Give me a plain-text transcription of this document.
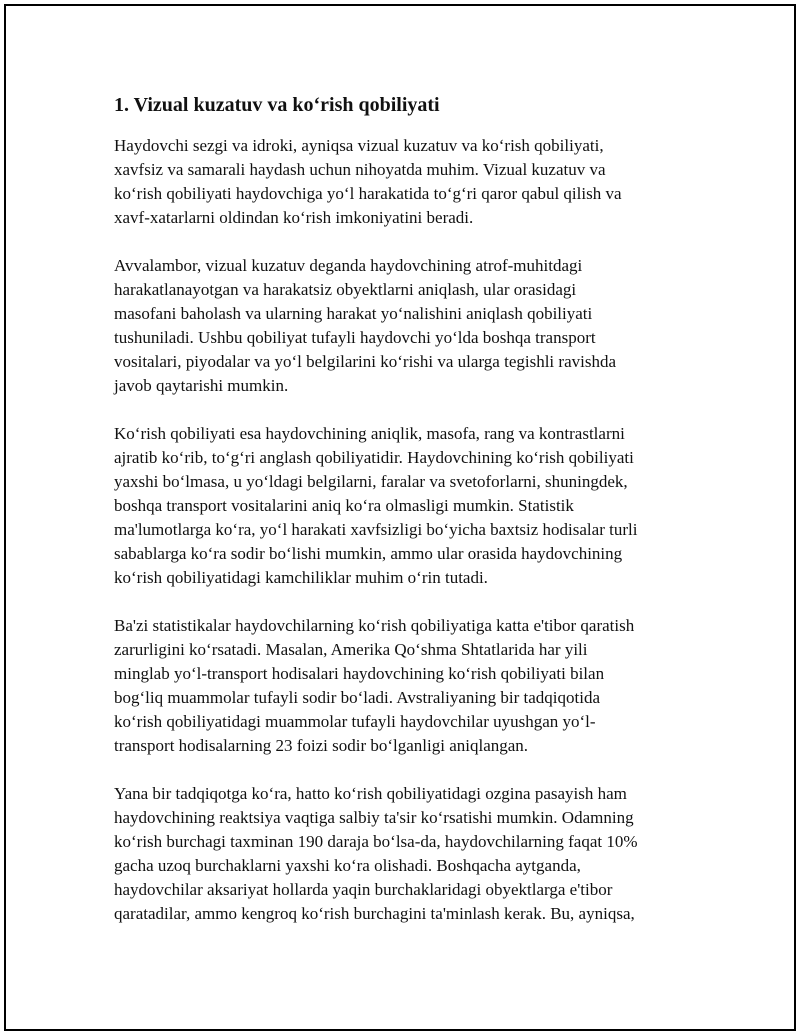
1. Vizual kuzatuv va ko‘rish qobiliyati

Haydovchi sezgi va idroki, ayniqsa vizual kuzatuv va ko‘rish qobiliyati,
xavfsiz va samarali haydash uchun nihoyatda muhim. Vizual kuzatuv va
ko‘rish qobiliyati haydovchiga yo‘l harakatida to‘g‘ri qaror qabul qilish va
xavf-xatarlarni oldindan ko‘rish imkoniyatini beradi.

Avvalambor, vizual kuzatuv deganda haydovchining atrof-muhitdagi
harakatlanayotgan va harakatsiz obyektlarni aniqlash, ular orasidagi
masofani baholash va ularning harakat yo‘nalishini aniqlash qobiliyati
tushuniladi. Ushbu qobiliyat tufayli haydovchi yo‘lda boshqa transport
vositalari, piyodalar va yo‘l belgilarini ko‘rishi va ularga tegishli ravishda
javob qaytarishi mumkin.

Ko‘rish qobiliyati esa haydovchining aniqlik, masofa, rang va kontrastlarni
ajratib ko‘rib, to‘g‘ri anglash qobiliyatidir. Haydovchining ko‘rish qobiliyati
yaxshi bo‘lmasa, u yo‘ldagi belgilarni, faralar va svetoforlarni, shuningdek,
boshqa transport vositalarini aniq ko‘ra olmasligi mumkin. Statistik
ma'lumotlarga ko‘ra, yo‘l harakati xavfsizligi bo‘yicha baxtsiz hodisalar turli
sabablarga ko‘ra sodir bo‘lishi mumkin, ammo ular orasida haydovchining
ko‘rish qobiliyatidagi kamchiliklar muhim o‘rin tutadi.

Ba'zi statistikalar haydovchilarning ko‘rish qobiliyatiga katta e'tibor qaratish
zarurligini ko‘rsatadi. Masalan, Amerika Qo‘shma Shtatlarida har yili
minglab yo‘l-transport hodisalari haydovchining ko‘rish qobiliyati bilan
bog‘liq muammolar tufayli sodir bo‘ladi. Avstraliyaning bir tadqiqotida
ko‘rish qobiliyatidagi muammolar tufayli haydovchilar uyushgan yo‘l-
transport hodisalarning 23 foizi sodir bo‘lganligi aniqlangan.

Yana bir tadqiqotga ko‘ra, hatto ko‘rish qobiliyatidagi ozgina pasayish ham
haydovchining reaktsiya vaqtiga salbiy ta'sir ko‘rsatishi mumkin. Odamning
ko‘rish burchagi taxminan 190 daraja bo‘lsa-da, haydovchilarning faqat 10%
gacha uzoq burchaklarni yaxshi ko‘ra olishadi. Boshqacha aytganda,
haydovchilar aksariyat hollarda yaqin burchaklaridagi obyektlarga e'tibor
qaratadilar, ammo kengroq ko‘rish burchagini ta'minlash kerak. Bu, ayniqsa,
